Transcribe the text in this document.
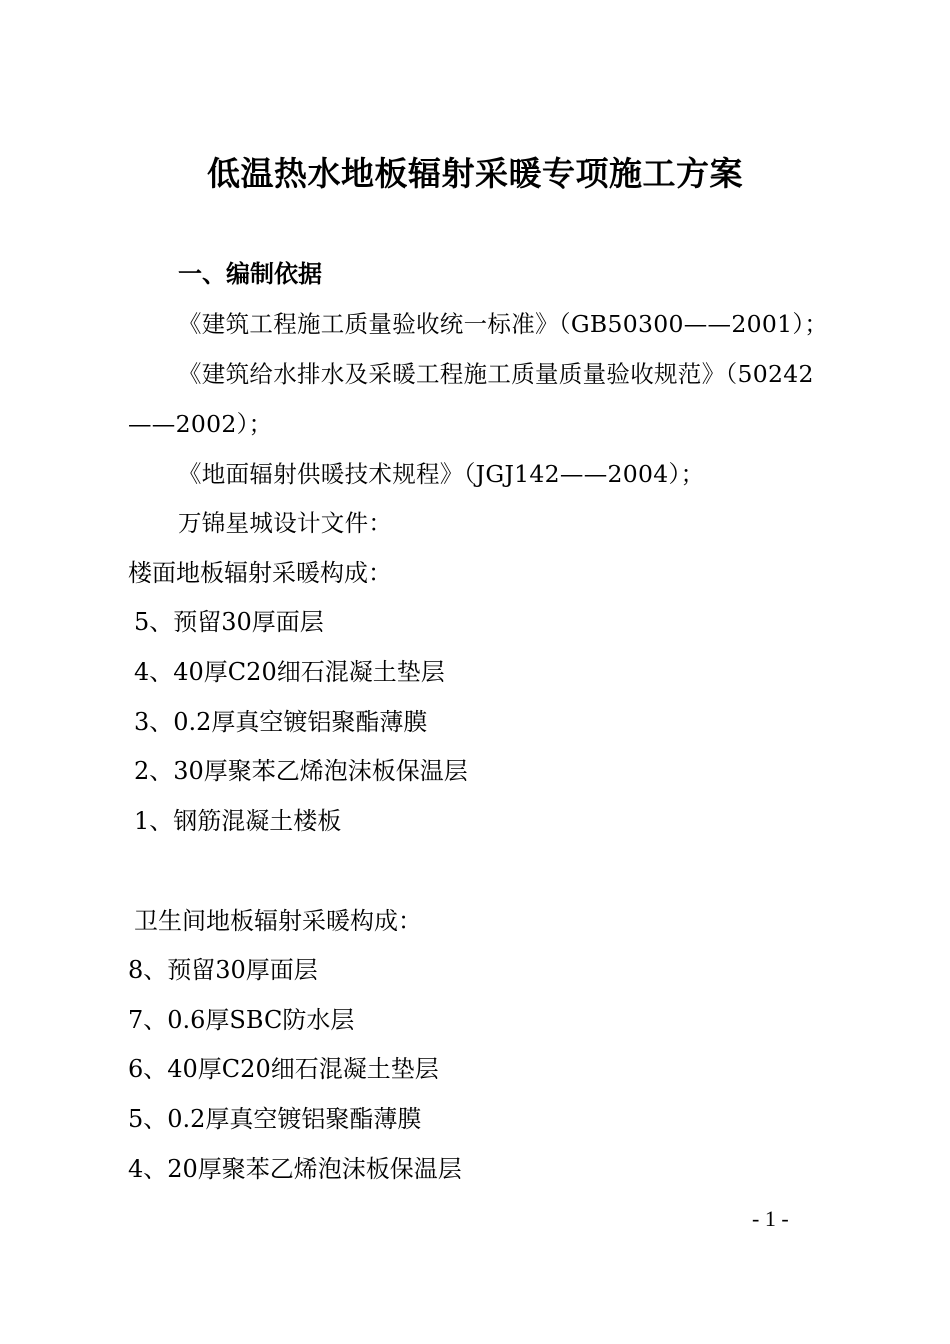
低温热水地板辐射采暖专项施工方案
一、编制依据
《建筑工程施工质量验收统一标准》（GB50300——2001）；
《建筑给水排水及采暖工程施工质量质量验收规范》（50242
——2002）；
《地面辐射供暖技术规程》（JGJ142——2004）；
万锦星城设计文件：
楼面地板辐射采暖构成：
5、预留30厚面层
4、40厚C20细石混凝土垫层
3、0.2厚真空镀铝聚酯薄膜
2、30厚聚苯乙烯泡沫板保温层
1、钢筋混凝土楼板
卫生间地板辐射采暖构成：
8、预留30厚面层
7、0.6厚SBC防水层
6、40厚C20细石混凝土垫层
5、0.2厚真空镀铝聚酯薄膜
4、20厚聚苯乙烯泡沫板保温层
- 1 -
